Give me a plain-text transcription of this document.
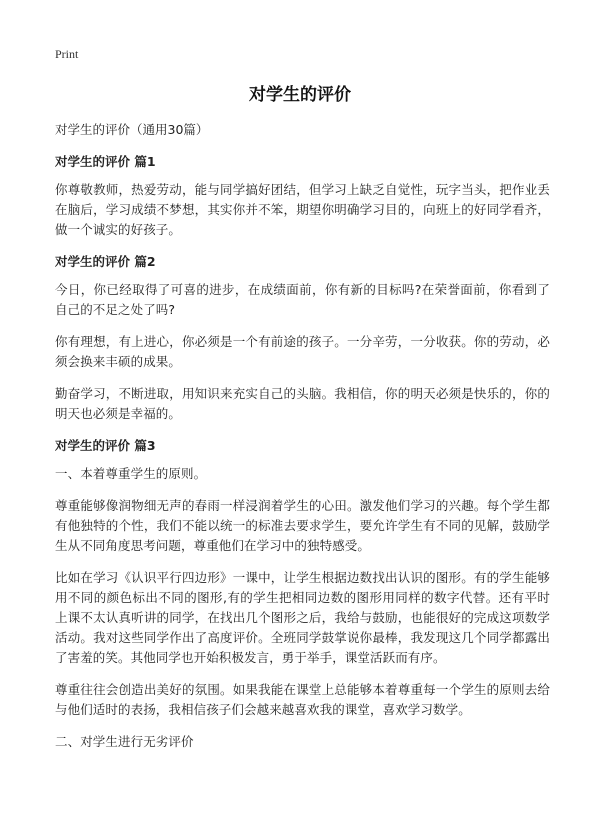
Print
对学生的评价

对学生的评价（通用30篇）

对学生的评价 篇1

你尊敬教师，热爱劳动，能与同学搞好团结，但学习上缺乏自觉性，玩字当头，把作业丢在脑后，学习成绩不梦想，其实你并不笨，期望你明确学习目的，向班上的好同学看齐，做一个诚实的好孩子。

对学生的评价 篇2

今日，你已经取得了可喜的进步，在成绩面前，你有新的目标吗?在荣誉面前，你看到了自己的不足之处了吗?

你有理想，有上进心，你必须是一个有前途的孩子。一分辛劳，一分收获。你的劳动，必须会换来丰硕的成果。

勤奋学习，不断进取，用知识来充实自己的头脑。我相信，你的明天必须是快乐的，你的明天也必须是幸福的。

对学生的评价 篇3

一、本着尊重学生的原则。

尊重能够像润物细无声的春雨一样浸润着学生的心田。激发他们学习的兴趣。每个学生都有他独特的个性，我们不能以统一的标准去要求学生，要允许学生有不同的见解，鼓励学生从不同角度思考问题，尊重他们在学习中的独特感受。

比如在学习《认识平行四边形》一课中，让学生根据边数找出认识的图形。有的学生能够用不同的颜色标出不同的图形,有的学生把相同边数的图形用同样的数字代替。还有平时上课不太认真听讲的同学，在找出几个图形之后，我给与鼓励，也能很好的完成这项数学活动。我对这些同学作出了高度评价。全班同学鼓掌说你最棒，我发现这几个同学都露出了害羞的笑。其他同学也开始积极发言，勇于举手，课堂活跃而有序。

尊重往往会创造出美好的氛围。如果我能在课堂上总能够本着尊重每一个学生的原则去给与他们适时的表扬，我相信孩子们会越来越喜欢我的课堂，喜欢学习数学。

二、对学生进行无劣评价
